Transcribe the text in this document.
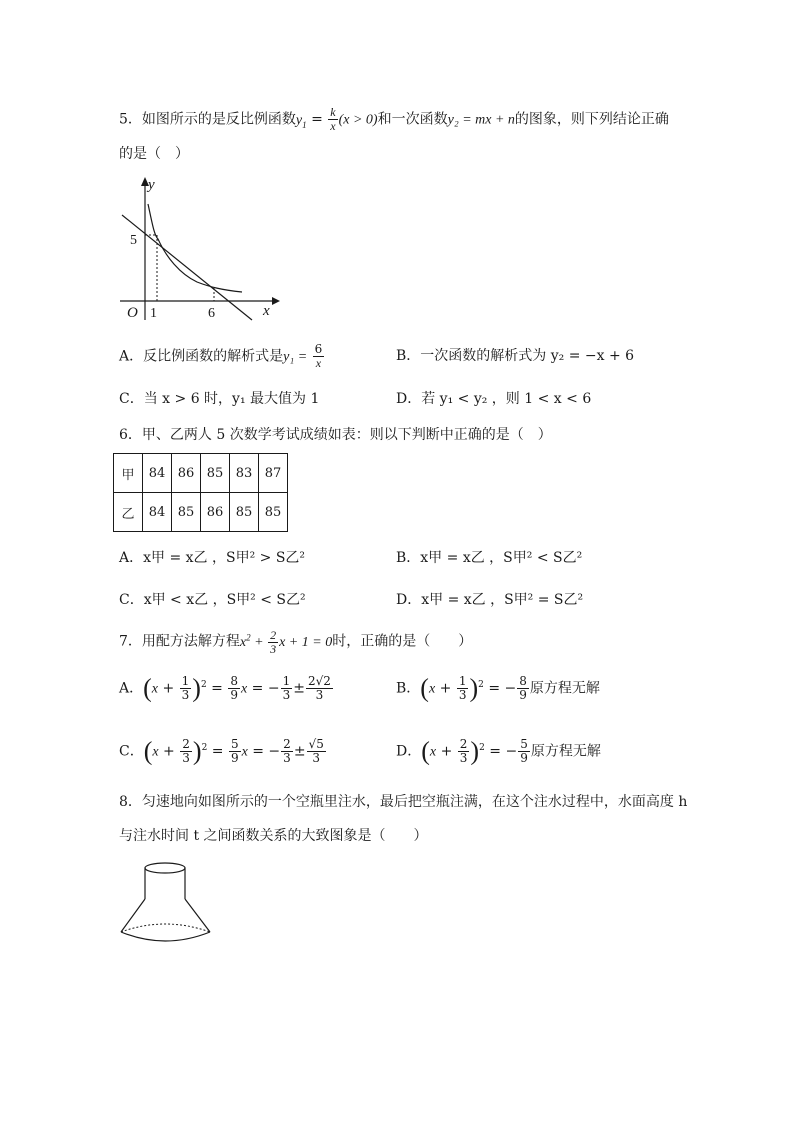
5．如图所示的是反比例函数$y_1 = \frac{k}{x} (x > 0)$和一次函数y₂ = mx + n的图象，则下列结论正确
的是（　）
y
x
O 1	6
5
A．反比例函数的解析式是$y_1 = \frac{6}{x}$	B．一次函数的解析式为 y₂ = −x + 6
C．当 x > 6 时，y₁ 最大值为 1	D．若 y₁ < y₂ ，则 1 < x < 6
6．甲、乙两人 5 次数学考试成绩如表：则以下判断中正确的是（　）
甲	84	86	85	83	87
乙	84	85	86	85	85
A．x甲 = x乙 ，S甲² > S乙²	B．x甲 = x乙 ，S甲² < S乙²
C．x甲 < x乙 ，S甲² < S乙²	D．x甲 = x乙 ，S甲² = S乙²
7．用配方法解方程$x^2 + \frac{2}{3}$ x + 1 = 0时，正确的是（　　）
A．$(x + \frac{1}{3} )^2 = \frac{8}{9}$ x = − $\frac{1}{3} \pm \frac{2√2}{3}$	B．$(x + \frac{1}{3} )^2$ = − $\frac{8}{9}$ 原方程无解
C．$(x + \frac{2}{3} )^2 = \frac{5}{9}$ x = − $\frac{2}{3} \pm \frac{√5}{3}$	D．$(x + \frac{2}{3} )^2$ = − $\frac{5}{9}$ 原方程无解
8．匀速地向如图所示的一个空瓶里注水，最后把空瓶注满，在这个注水过程中，水面高度 h
与注水时间 t 之间函数关系的大致图象是（　　）
